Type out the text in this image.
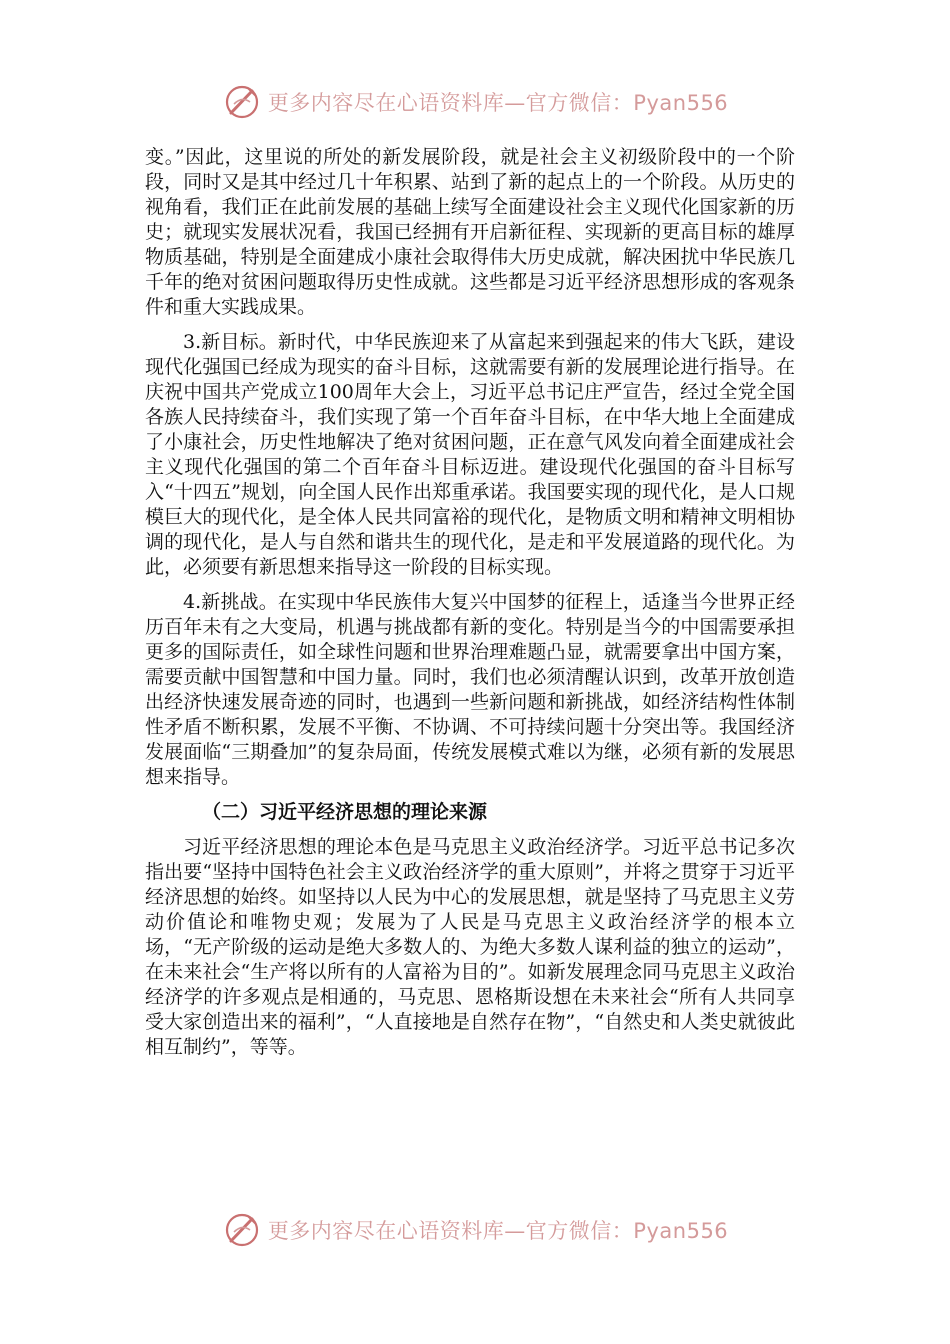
更多内容尽在心语资料库—官方微信：Pyan556

变。”因此，这里说的所处的新发展阶段，就是社会主义初级阶段中的一个阶段，同时又是其中经过几十年积累、站到了新的起点上的一个阶段。从历史的视角看，我们正在此前发展的基础上续写全面建设社会主义现代化国家新的历史；就现实发展状况看，我国已经拥有开启新征程、实现新的更高目标的雄厚物质基础，特别是全面建成小康社会取得伟大历史成就，解决困扰中华民族几千年的绝对贫困问题取得历史性成就。这些都是习近平经济思想形成的客观条件和重大实践成果。

3.新目标。新时代，中华民族迎来了从富起来到强起来的伟大飞跃，建设现代化强国已经成为现实的奋斗目标，这就需要有新的发展理论进行指导。在庆祝中国共产党成立100周年大会上，习近平总书记庄严宣告，经过全党全国各族人民持续奋斗，我们实现了第一个百年奋斗目标，在中华大地上全面建成了小康社会，历史性地解决了绝对贫困问题，正在意气风发向着全面建成社会主义现代化强国的第二个百年奋斗目标迈进。建设现代化强国的奋斗目标写入“十四五”规划，向全国人民作出郑重承诺。我国要实现的现代化，是人口规模巨大的现代化，是全体人民共同富裕的现代化，是物质文明和精神文明相协调的现代化，是人与自然和谐共生的现代化，是走和平发展道路的现代化。为此，必须要有新思想来指导这一阶段的目标实现。

4.新挑战。在实现中华民族伟大复兴中国梦的征程上，适逢当今世界正经历百年未有之大变局，机遇与挑战都有新的变化。特别是当今的中国需要承担更多的国际责任，如全球性问题和世界治理难题凸显，就需要拿出中国方案，需要贡献中国智慧和中国力量。同时，我们也必须清醒认识到，改革开放创造出经济快速发展奇迹的同时，也遇到一些新问题和新挑战，如经济结构性体制性矛盾不断积累，发展不平衡、不协调、不可持续问题十分突出等。我国经济发展面临“三期叠加”的复杂局面，传统发展模式难以为继，必须有新的发展思想来指导。

（二）习近平经济思想的理论来源

习近平经济思想的理论本色是马克思主义政治经济学。习近平总书记多次指出要“坚持中国特色社会主义政治经济学的重大原则”，并将之贯穿于习近平经济思想的始终。如坚持以人民为中心的发展思想，就是坚持了马克思主义劳动价值论和唯物史观；发展为了人民是马克思主义政治经济学的根本立场，“无产阶级的运动是绝大多数人的、为绝大多数人谋利益的独立的运动”，在未来社会“生产将以所有的人富裕为目的”。如新发展理念同马克思主义政治经济学的许多观点是相通的，马克思、恩格斯设想在未来社会“所有人共同享受大家创造出来的福利”，“人直接地是自然存在物”，“自然史和人类史就彼此相互制约”，等等。

更多内容尽在心语资料库—官方微信：Pyan556
